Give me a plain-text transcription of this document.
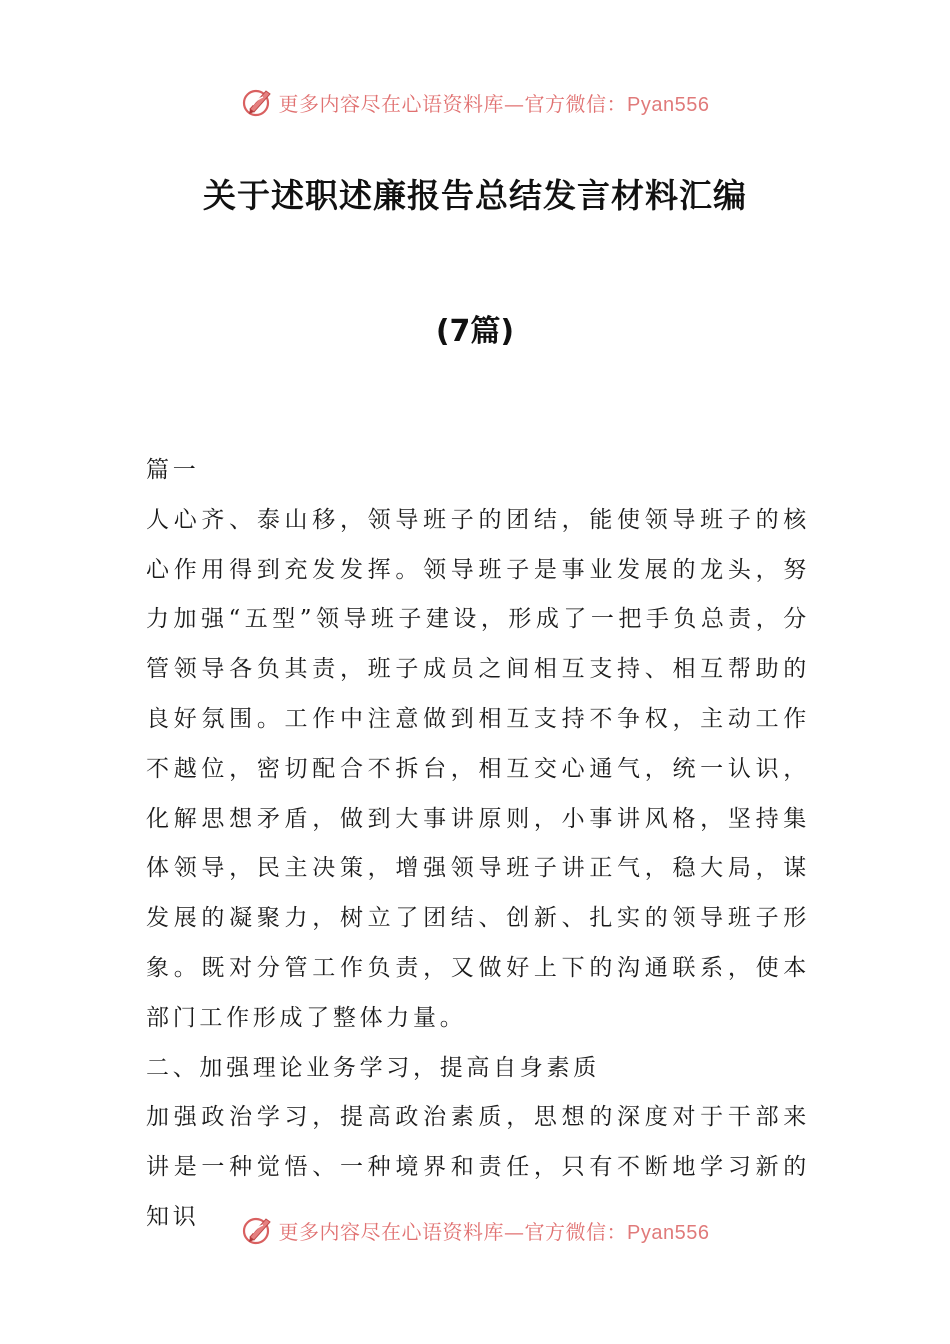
更多内容尽在心语资料库—官方微信：Pyan556
关于述职述廉报告总结发言材料汇编
(7篇)

篇一

人心齐、泰山移，领导班子的团结，能使领导班子的核心作用得到充发发挥。领导班子是事业发展的龙头，努力加强“五型”领导班子建设，形成了一把手负总责，分管领导各负其责，班子成员之间相互支持、相互帮助的良好氛围。工作中注意做到相互支持不争权，主动工作不越位，密切配合不拆台，相互交心通气，统一认识，化解思想矛盾，做到大事讲原则，小事讲风格，坚持集体领导，民主决策，增强领导班子讲正气，稳大局，谋发展的凝聚力，树立了团结、创新、扎实的领导班子形象。既对分管工作负责，又做好上下的沟通联系，使本部门工作形成了整体力量。

二、加强理论业务学习，提高自身素质

加强政治学习，提高政治素质，思想的深度对于干部来讲是一种觉悟、一种境界和责任，只有不断地学习新的知识

更多内容尽在心语资料库—官方微信：Pyan556
